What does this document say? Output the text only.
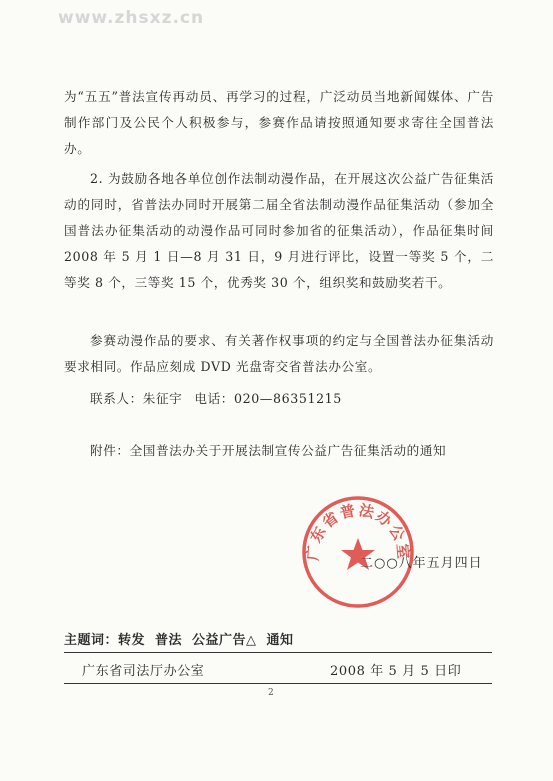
www.zhsxz.cn

为“五五”普法宣传再动员、再学习的过程，广泛动员当地新闻媒体、广告制作部门及公民个人积极参与，参赛作品请按照通知要求寄往全国普法办。

2. 为鼓励各地各单位创作法制动漫作品，在开展这次公益广告征集活动的同时，省普法办同时开展第二届全省法制动漫作品征集活动（参加全国普法办征集活动的动漫作品可同时参加省的征集活动），作品征集时间 2008 年 5 月 1 日—8 月 31 日，9 月进行评比，设置一等奖 5 个，二等奖 8 个，三等奖 15 个，优秀奖 30 个，组织奖和鼓励奖若干。

参赛动漫作品的要求、有关著作权事项的约定与全国普法办征集活动要求相同。作品应刻成 DVD 光盘寄交省普法办公室。

联系人：朱征宇 电话：020—86351215
附件：全国普法办关于开展法制宣传公益广告征集活动的通知
广东省普法办公室
二○○八年五月四日
主题词：转发 普法 公益广告△ 通知
广东省司法厅办公室	2008 年 5 月 5 日印
2
